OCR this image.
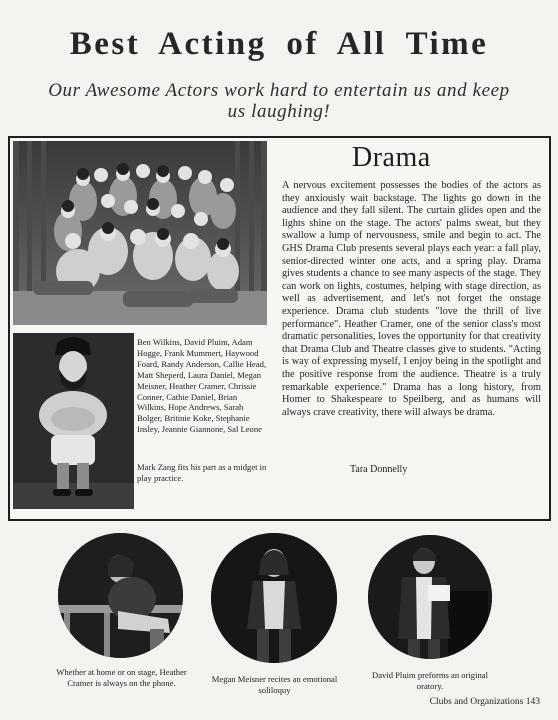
Best Acting of All Time
Our Awesome Actors work hard to entertain us and keep us laughing!
Ben Wilkins, David Pluim, Adam Hogge, Frank Mummert, Haywood Foard, Randy Anderson, Callie Head, Matt Sheperd, Laura Daniel, Megan Meisner, Heather Cramer, Chrissie Conner, Cathie Daniel, Brian Wilkins, Hope Andrews, Sarah Bolger, Britinie Koke, Stephanie Insley, Jeannie Giannone, Sal Leone
Mark Zang fits his part as a midget in play practice.
Drama
A nervous excitement possesses the bodies of the actors as they anxiously wait backstage. The lights go down in the audience and they fall silent. The curtain glides open and the lights shine on the stage. The actors' palms sweat, but they swallow a lump of nervousness, smile and begin to act. The GHS Drama Club presents several plays each year: a fall play, senior-directed winter one acts, and a spring play. Drama gives students a chance to see many aspects of the stage. They can work on lights, costumes, helping with stage direction, as well as advertisement, and let's not forget the onstage experience. Drama club students "love the thrill of live performance". Heather Cramer, one of the senior class's most dramatic personalities, loves the opportunity for that creativity that Drama Club and Theatre classes give to students. "Acting is way of expressing myself, I enjoy being in the spotlight and the positive response from the audience. Theatre is a truly remarkable experience." Drama has a long history, from Homer to Shakespeare to Speilberg, and as humans will always crave creativity, there will always be drama.
Tara Donnelly
Whether at home or on stage, Heather Cramer is always on the phone.	Megan Meisner recites an emotional soliloquy
David Pluim preforms an original oratory.
Clubs and Organizations 143
